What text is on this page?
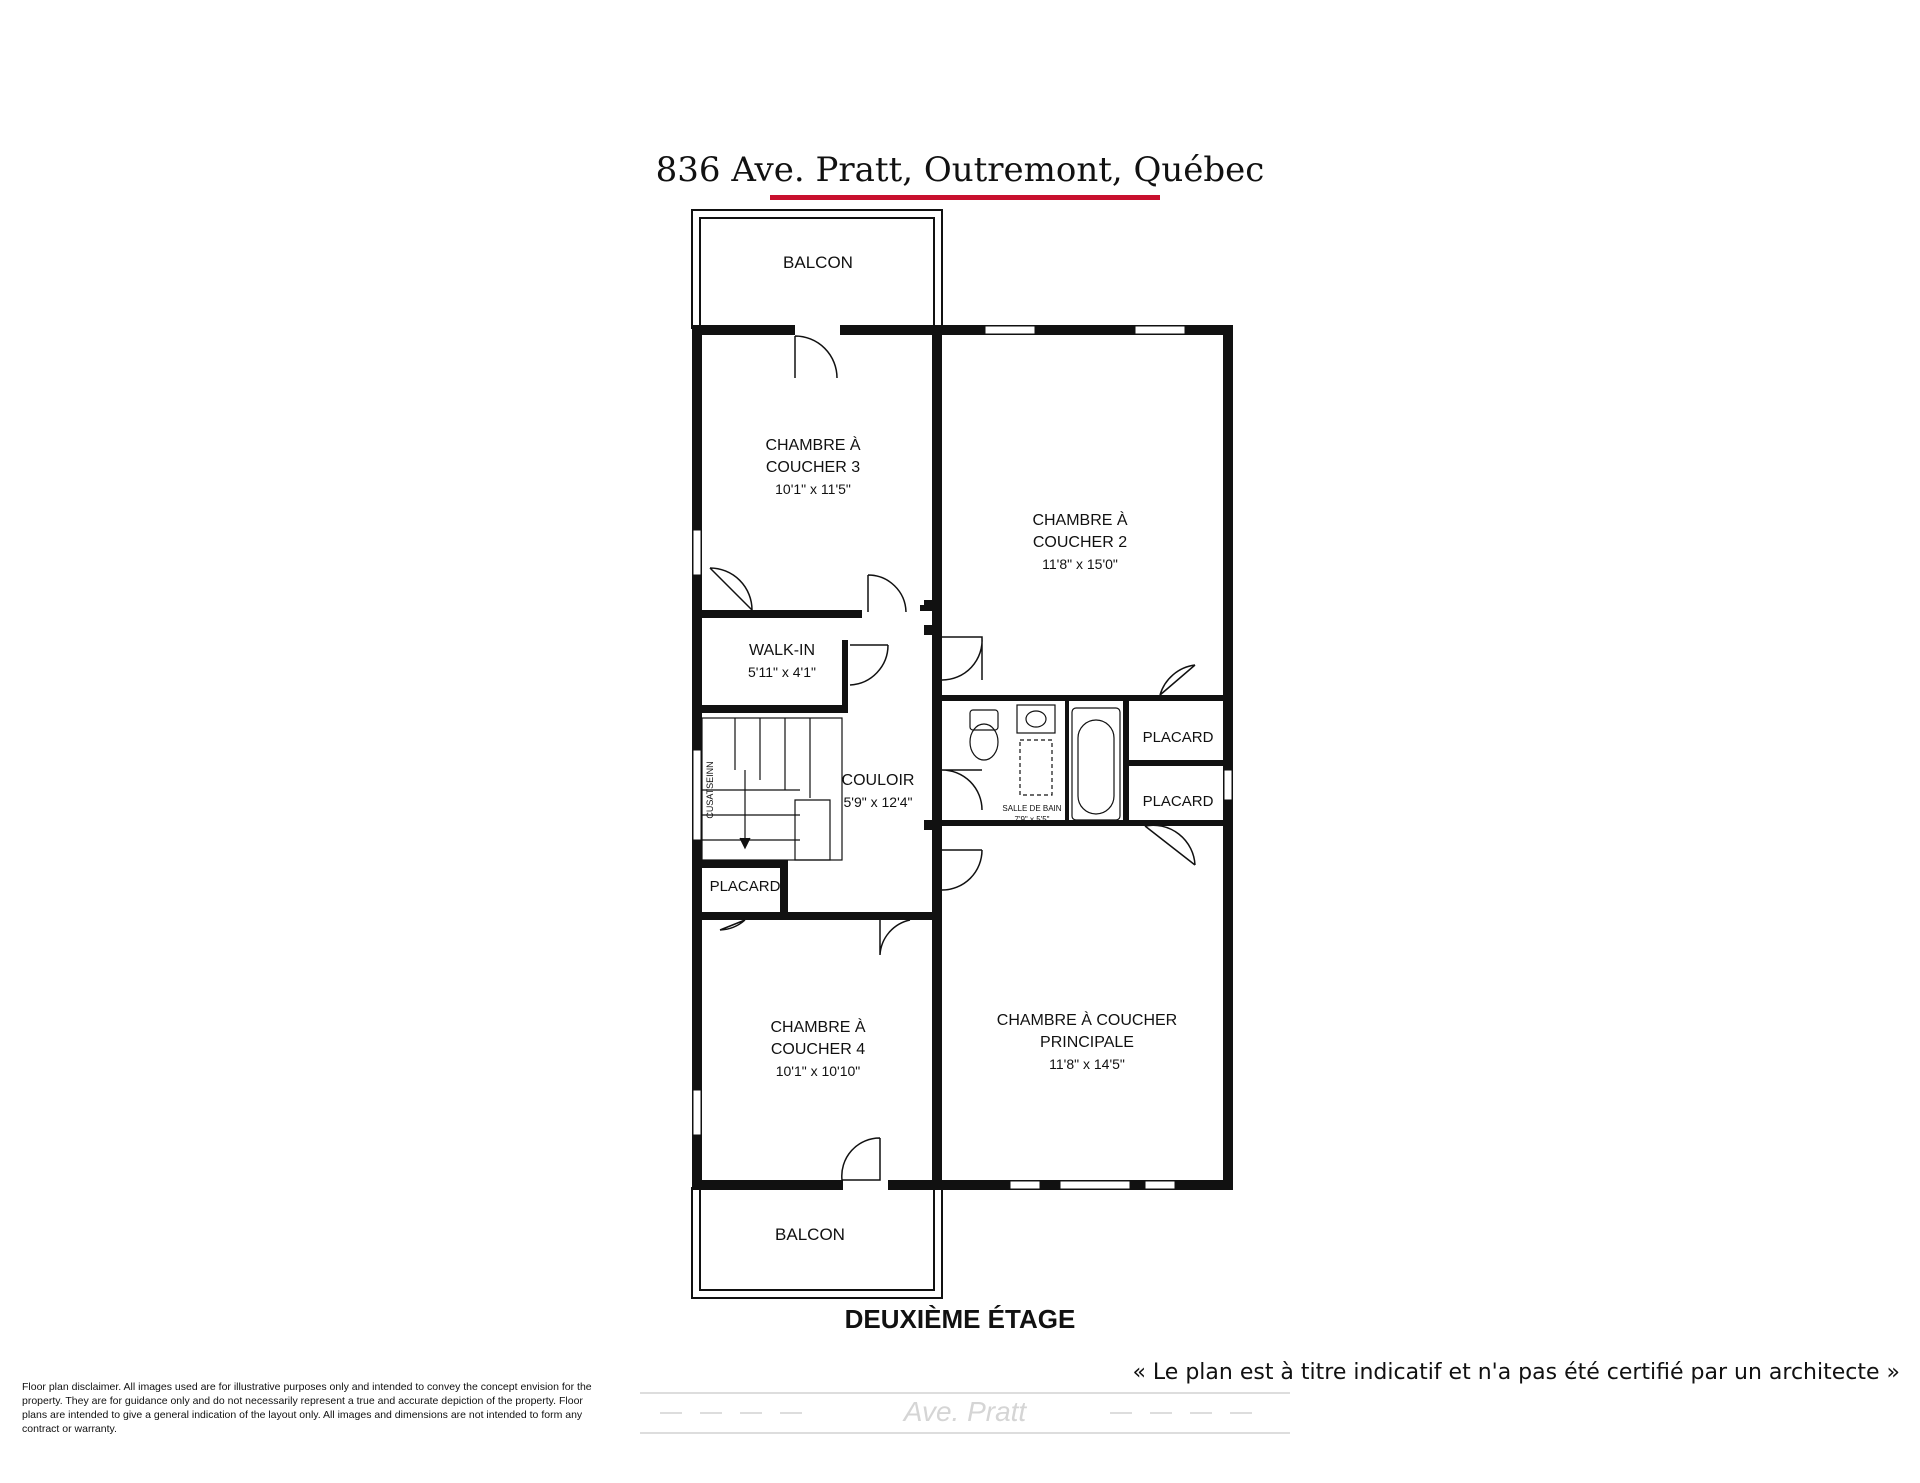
836 Ave. Pratt, Outremont, Québec
CUSATSEINN
BALCON
CHAMBRE À
COUCHER 3
10'1" x 11'5"
CHAMBRE À
COUCHER 2
11'8" x 15'0"
WALK-IN
5'11" x 4'1"
COULOIR
5'9" x 12'4"
PLACARD
PLACARD
PLACARD
SALLE DE BAIN
7'9" x 5'5"
CHAMBRE À
COUCHER 4
10'1" x 10'10"
CHAMBRE À COUCHER
PRINCIPALE
11'8" x 14'5"
BALCON
DEUXIÈME ÉTAGE
« Le plan est à titre indicatif et n'a pas été certifié par un architecte »
Floor plan disclaimer. All images used are for illustrative purposes only and intended to convey the concept envision for the property. They are for guidance only and do not necessarily represent a true and accurate depiction of the property. Floor plans are intended to give a general indication of the layout only. All images and dimensions are not intended to form any contract or warranty.
Ave. Pratt
